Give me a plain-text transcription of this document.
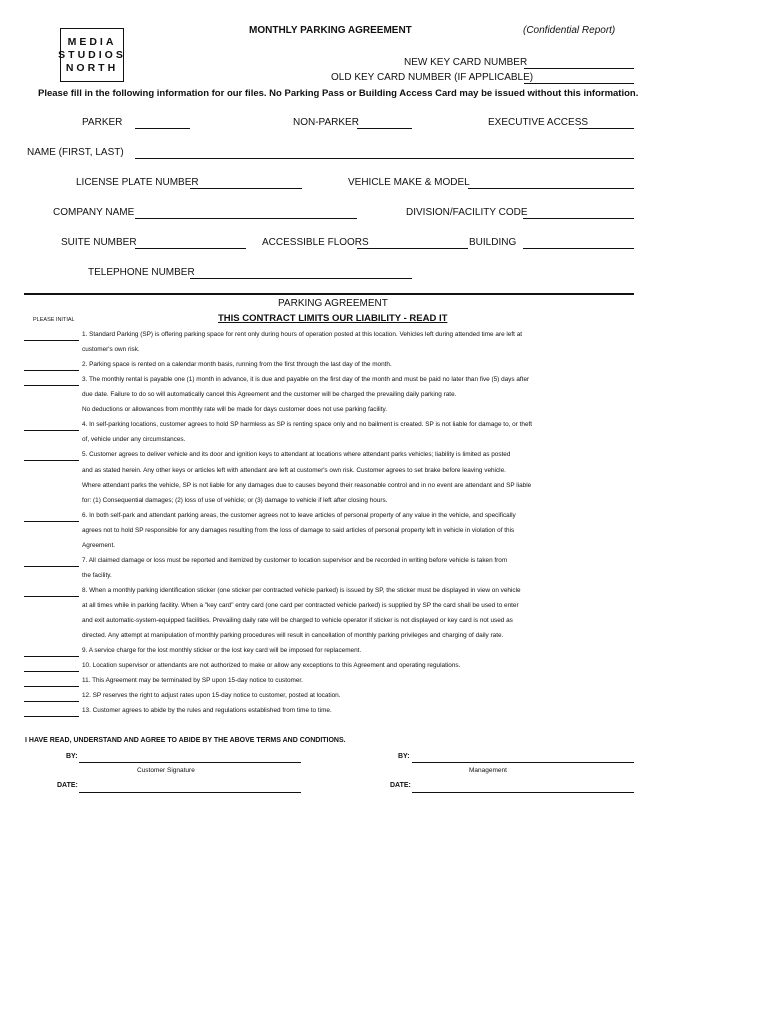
MEDIA
STUDIOS
NORTH
MONTHLY PARKING AGREEMENT	(Confidential Report)
NEW KEY CARD NUMBER
OLD KEY CARD NUMBER (IF APPLICABLE)
Please fill in the following information for our files. No Parking Pass or Building Access Card may be issued without this information.
PARKER	NON-PARKER	EXECUTIVE ACCESS
NAME (FIRST, LAST)
LICENSE PLATE NUMBER	VEHICLE MAKE & MODEL
COMPANY NAME	DIVISION/FACILITY CODE
SUITE NUMBER	ACCESSIBLE FLOORS	BUILDING
TELEPHONE NUMBER
PARKING AGREEMENT
THIS CONTRACT LIMITS OUR LIABILITY - READ IT
PLEASE INITIAL
1. Standard Parking (SP) is offering parking space for rent only during hours of operation posted at this location. Vehicles left during attended time are left at
customer's own risk.
2. Parking space is rented on a calendar month basis, running from the first through the last day of the month.
3. The monthly rental is payable one (1) month in advance, it is due and payable on the first day of the month and must be paid no later than five (5) days after
due date. Failure to do so will automatically cancel this Agreement and the customer will be charged the prevailing daily parking rate.
No deductions or allowances from monthly rate will be made for days customer does not use parking facility.
4. In self-parking locations, customer agrees to hold SP harmless as SP is renting space only and no bailment is created. SP is not liable for damage to, or theft
of, vehicle under any circumstances.
5. Customer agrees to deliver vehicle and its door and ignition keys to attendant at locations where attendant parks vehicles; liability is limited as posted
and as stated herein. Any other keys or articles left with attendant are left at customer's own risk. Customer agrees to set brake before leaving vehicle.
Where attendant parks the vehicle, SP is not liable for any damages due to causes beyond their reasonable control and in no event are attendant and SP liable
for: (1) Consequential damages; (2) loss of use of vehicle; or (3) damage to vehicle if left after closing hours.
6. In both self-park and attendant parking areas, the customer agrees not to leave articles of personal property of any value in the vehicle, and specifically
agrees not to hold SP responsible for any damages resulting from the loss of damage to said articles of personal property left in vehicle in violation of this
Agreement.
7. All claimed damage or loss must be reported and itemized by customer to location supervisor and be recorded in writing before vehicle is taken from
the facility.
8. When a monthly parking identification sticker (one sticker per contracted vehicle parked) is issued by SP, the sticker must be displayed in view on vehicle
at all times while in parking facility. When a "key card" entry card (one card per contracted vehicle parked) is supplied by SP the card shall be used to enter
and exit automatic-system-equipped facilities. Prevailing daily rate will be charged to vehicle operator if sticker is not displayed or key card is not used as
directed. Any attempt at manipulation of monthly parking procedures will result in cancellation of monthly parking privileges and charging of daily rate.
9. A service charge for the lost monthly sticker or the lost key card will be imposed for replacement.
10. Location supervisor or attendants are not authorized to make or allow any exceptions to this Agreement and operating regulations.
11. This Agreement may be terminated by SP upon 15-day notice to customer.
12. SP reserves the right to adjust rates upon 15-day notice to customer, posted at location.
13. Customer agrees to abide by the rules and regulations established from time to time.
I HAVE READ, UNDERSTAND AND AGREE TO ABIDE BY THE ABOVE TERMS AND CONDITIONS.
BY:
Customer Signature
BY:
Management
DATE:	DATE:
